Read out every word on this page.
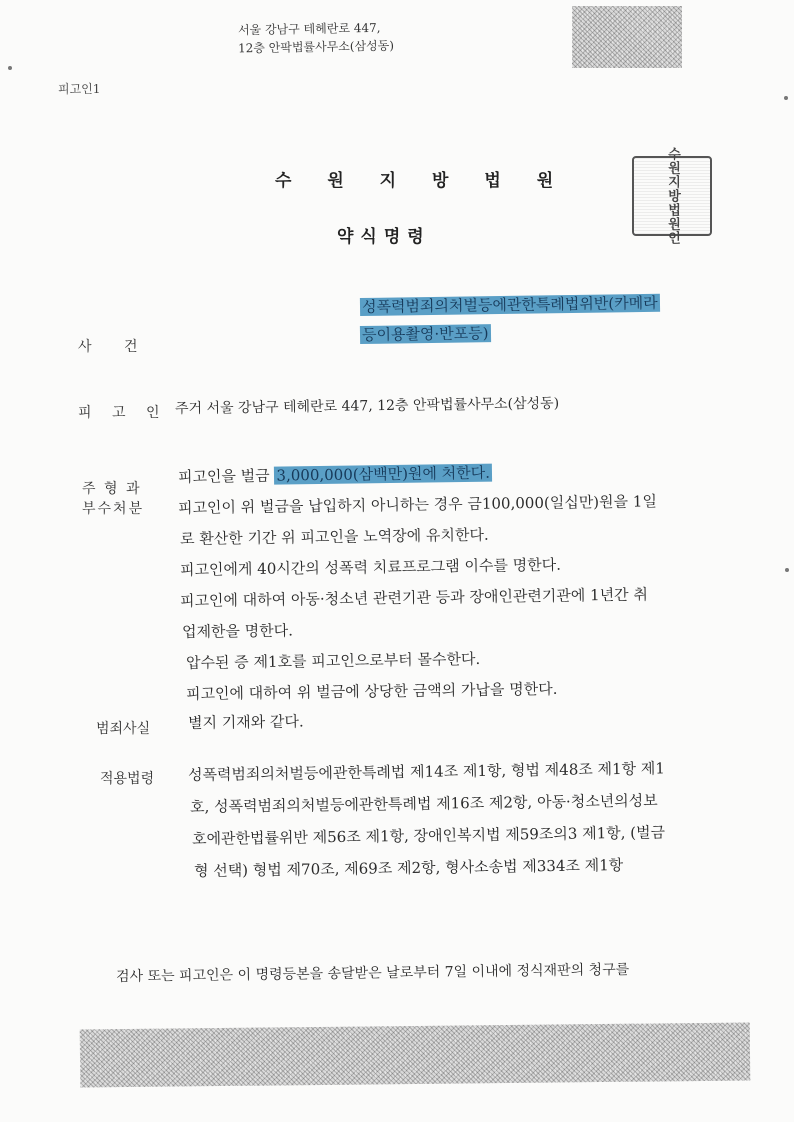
서울 강남구 테헤란로 447,
12층 안팍법률사무소(삼성동)
피고인1
수 원 지 방 법 원
약식명령	수원지방법원인
사 건
성폭력범죄의처벌등에관한특례법위반(카메라
등이용촬영·반포등)
피 고 인 주거 서울 강남구 테헤란로 447, 12층 안팍법률사무소(삼성동)
주 형 과
부수처분
피고인을 벌금 3,000,000(삼백만)원에 처한다.
피고인이 위 벌금을 납입하지 아니하는 경우 금100,000(일십만)원을 1일
로 환산한 기간 위 피고인을 노역장에 유치한다.
피고인에게 40시간의 성폭력 치료프로그램 이수를 명한다.
피고인에 대하여 아동·청소년 관련기관 등과 장애인관련기관에 1년간 취
업제한을 명한다.
압수된 증 제1호를 피고인으로부터 몰수한다.
피고인에 대하여 위 벌금에 상당한 금액의 가납을 명한다.
범죄사실	별지 기재와 같다.
적용법령 성폭력범죄의처벌등에관한특례법 제14조 제1항, 형법 제48조 제1항 제1
호, 성폭력범죄의처벌등에관한특례법 제16조 제2항, 아동·청소년의성보
호에관한법률위반 제56조 제1항, 장애인복지법 제59조의3 제1항, (벌금
형 선택) 형법 제70조, 제69조 제2항, 형사소송법 제334조 제1항
검사 또는 피고인은 이 명령등본을 송달받은 날로부터 7일 이내에 정식재판의 청구를
